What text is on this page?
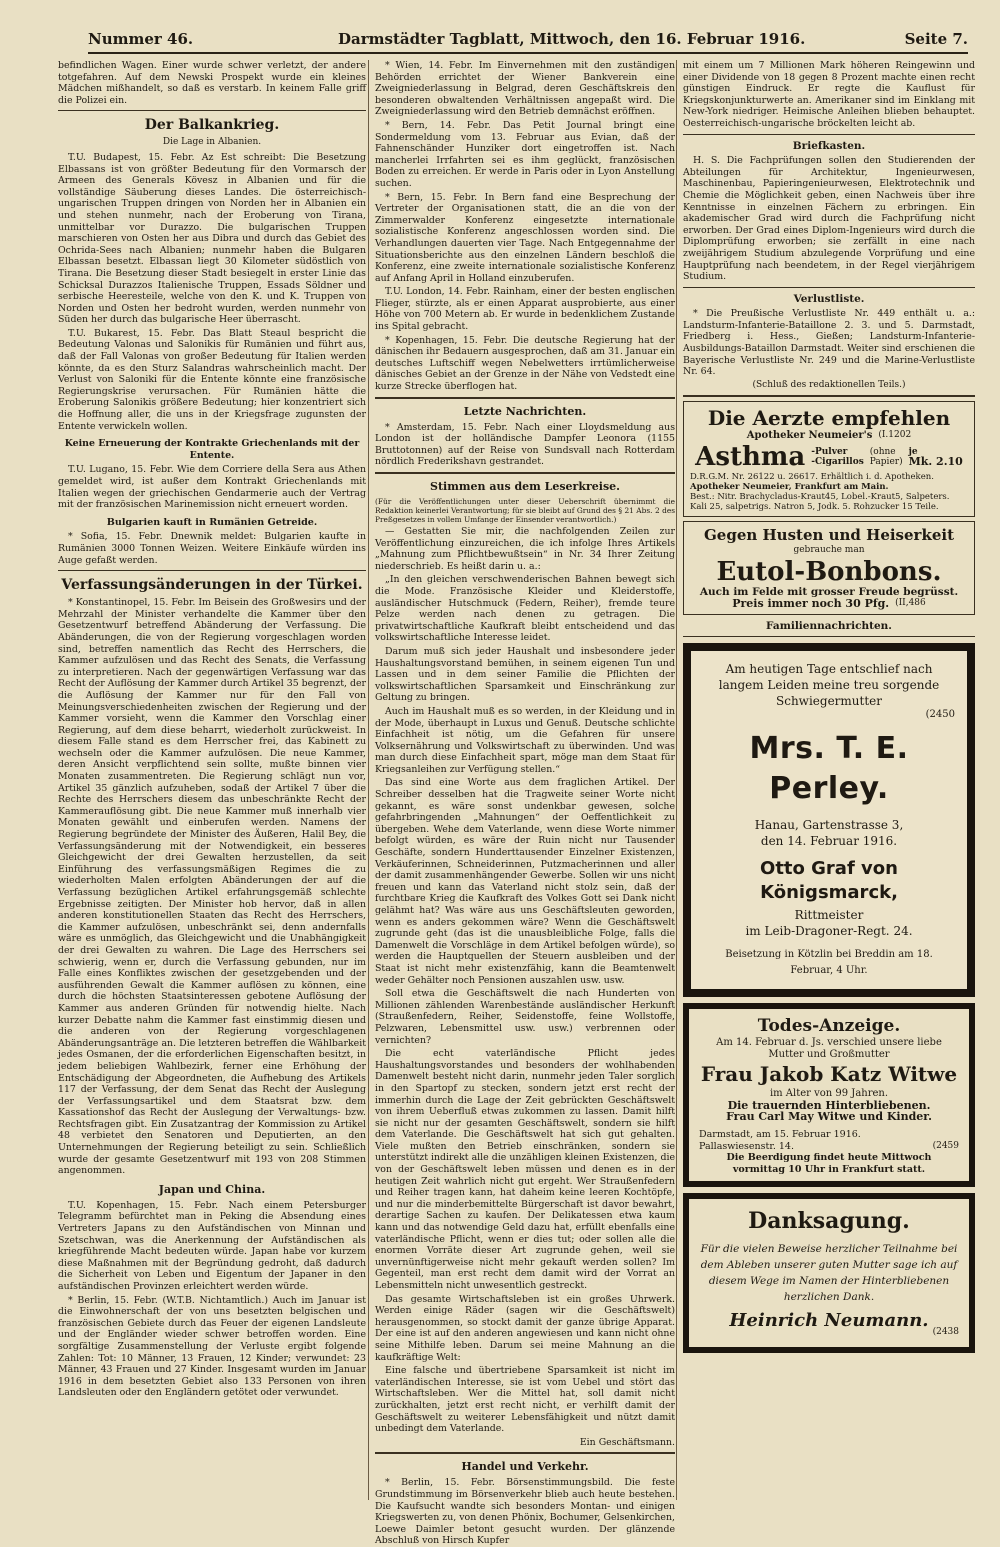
Nummer 46.	Darmstädter Tagblatt, Mittwoch, den 16. Februar 1916.	Seite 7.

befindlichen Wagen. Einer wurde schwer verletzt, der andere totgefahren. Auf dem Newski Prospekt wurde ein kleines Mädchen mißhandelt, so daß es verstarb. In keinem Falle griff die Polizei ein.

Der Balkankrieg.
Die Lage in Albanien.

T.U. Budapest, 15. Febr. Az Est schreibt: Die Besetzung Elbassans ist von größter Bedeutung für den Vormarsch der Armeen des Generals Kövesz in Albanien und für die vollständige Säuberung dieses Landes. Die österreichisch-ungarischen Truppen dringen von Norden her in Albanien ein und stehen nunmehr, nach der Eroberung von Tirana, unmittelbar vor Durazzo. Die bulgarischen Truppen marschieren von Osten her aus Dibra und durch das Gebiet des Ochrida-Sees nach Albanien; nunmehr haben die Bulgaren Elbassan besetzt. Elbassan liegt 30 Kilometer südöstlich von Tirana. Die Besetzung dieser Stadt besiegelt in erster Linie das Schicksal Durazzos Italienische Truppen, Essads Söldner und serbische Heeresteile, welche von den K. und K. Truppen von Norden und Osten her bedroht wurden, werden nunmehr von Süden her durch das bulgarische Heer überrascht.

T.U. Bukarest, 15. Febr. Das Blatt Steaul bespricht die Bedeutung Valonas und Salonikis für Rumänien und führt aus, daß der Fall Valonas von großer Bedeutung für Italien werden könnte, da es den Sturz Salandras wahrscheinlich macht. Der Verlust von Saloniki für die Entente könnte eine französische Regierungskrise verursachen. Für Rumänien hätte die Eroberung Salonikis größere Bedeutung; hier konzentriert sich die Hoffnung aller, die uns in der Kriegsfrage zugunsten der Entente verwickeln wollen.

Keine Erneuerung der Kontrakte Griechenlands mit der Entente.

T.U. Lugano, 15. Febr. Wie dem Corriere della Sera aus Athen gemeldet wird, ist außer dem Kontrakt Griechenlands mit Italien wegen der griechischen Gendarmerie auch der Vertrag mit der französischen Marinemission nicht erneuert worden.

Bulgarien kauft in Rumänien Getreide.

* Sofia, 15. Febr. Dnewnik meldet: Bulgarien kaufte in Rumänien 3000 Tonnen Weizen. Weitere Einkäufe würden ins Auge gefaßt werden.

Verfassungsänderungen in der Türkei.

* Konstantinopel, 15. Febr. Im Beisein des Großwesirs und der Mehrzahl der Minister verhandelte die Kammer über den Gesetzentwurf betreffend Abänderung der Verfassung. Die Abänderungen, die von der Regierung vorgeschlagen worden sind, betreffen namentlich das Recht des Herrschers, die Kammer aufzulösen und das Recht des Senats, die Verfassung zu interpretieren. Nach der gegenwärtigen Verfassung war das Recht der Auflösung der Kammer durch Artikel 35 begrenzt, der die Auflösung der Kammer nur für den Fall von Meinungsverschiedenheiten zwischen der Regierung und der Kammer vorsieht, wenn die Kammer den Vorschlag einer Regierung, auf dem diese beharrt, wiederholt zurückweist. In diesem Falle stand es dem Herrscher frei, das Kabinett zu wechseln oder die Kammer aufzulösen. Die neue Kammer, deren Ansicht verpflichtend sein sollte, mußte binnen vier Monaten zusammentreten. Die Regierung schlägt nun vor, Artikel 35 gänzlich aufzuheben, sodaß der Artikel 7 über die Rechte des Herrschers diesem das unbeschränkte Recht der Kammerauflösung gibt. Die neue Kammer muß innerhalb vier Monaten gewählt und einberufen werden. Namens der Regierung begründete der Minister des Äußeren, Halil Bey, die Verfassungsänderung mit der Notwendigkeit, ein besseres Gleichgewicht der drei Gewalten herzustellen, da seit Einführung des verfassungsmäßigen Regimes die zu wiederholten Malen erfolgten Abänderungen der auf die Verfassung bezüglichen Artikel erfahrungsgemäß schlechte Ergebnisse zeitigten. Der Minister hob hervor, daß in allen anderen konstitutionellen Staaten das Recht des Herrschers, die Kammer aufzulösen, unbeschränkt sei, denn andernfalls wäre es unmöglich, das Gleichgewicht und die Unabhängigkeit der drei Gewalten zu wahren. Die Lage des Herrschers sei schwierig, wenn er, durch die Verfassung gebunden, nur im Falle eines Konfliktes zwischen der gesetzgebenden und der ausführenden Gewalt die Kammer auflösen zu können, eine durch die höchsten Staatsinteressen gebotene Auflösung der Kammer aus anderen Gründen für notwendig hielte. Nach kurzer Debatte nahm die Kammer fast einstimmig diesen und die anderen von der Regierung vorgeschlagenen Abänderungsanträge an. Die letzteren betreffen die Wählbarkeit jedes Osmanen, der die erforderlichen Eigenschaften besitzt, in jedem beliebigen Wahlbezirk, ferner eine Erhöhung der Entschädigung der Abgeordneten, die Aufhebung des Artikels 117 der Verfassung, der dem Senat das Recht der Auslegung der Verfassungsartikel und dem Staatsrat bzw. dem Kassationshof das Recht der Auslegung der Verwaltungs- bzw. Rechtsfragen gibt. Ein Zusatzantrag der Kommission zu Artikel 48 verbietet den Senatoren und Deputierten, an den Unternehmungen der Regierung beteiligt zu sein. Schließlich wurde der gesamte Gesetzentwurf mit 193 von 208 Stimmen angenommen.

Japan und China.

T.U. Kopenhagen, 15. Febr. Nach einem Petersburger Telegramm befürchtet man in Peking die Absendung eines Vertreters Japans zu den Aufständischen von Minnan und Szetschwan, was die Anerkennung der Aufständischen als kriegführende Macht bedeuten würde. Japan habe vor kurzem diese Maßnahmen mit der Begründung gedroht, daß dadurch die Sicherheit von Leben und Eigentum der Japaner in den aufständischen Provinzen erleichtert werden würde.

* Berlin, 15. Febr. (W.T.B. Nichtamtlich.) Auch im Januar ist die Einwohnerschaft der von uns besetzten belgischen und französischen Gebiete durch das Feuer der eigenen Landsleute und der Engländer wieder schwer betroffen worden. Eine sorgfältige Zusammenstellung der Verluste ergibt folgende Zahlen: Tot: 10 Männer, 13 Frauen, 12 Kinder; verwundet: 23 Männer, 43 Frauen und 27 Kinder. Insgesamt wurden im Januar 1916 in dem besetzten Gebiet also 133 Personen von ihren Landsleuten oder den Engländern getötet oder verwundet.

* Wien, 14. Febr. Im Einvernehmen mit den zuständigen Behörden errichtet der Wiener Bankverein eine Zweigniederlassung in Belgrad, deren Geschäftskreis den besonderen obwaltenden Verhältnissen angepaßt wird. Die Zweigniederlassung wird den Betrieb demnächst eröffnen.

* Bern, 14. Febr. Das Petit Journal bringt eine Sondermeldung vom 13. Februar aus Evian, daß der Fahnenschänder Hunziker dort eingetroffen ist. Nach mancherlei Irrfahrten sei es ihm geglückt, französischen Boden zu erreichen. Er werde in Paris oder in Lyon Anstellung suchen.

* Bern, 15. Febr. In Bern fand eine Besprechung der Vertreter der Organisationen statt, die an die von der Zimmerwalder Konferenz eingesetzte internationale sozialistische Konferenz angeschlossen worden sind. Die Verhandlungen dauerten vier Tage. Nach Entgegennahme der Situationsberichte aus den einzelnen Ländern beschloß die Konferenz, eine zweite internationale sozialistische Konferenz auf Anfang April in Holland einzuberufen.

T.U. London, 14. Febr. Rainham, einer der besten englischen Flieger, stürzte, als er einen Apparat ausprobierte, aus einer Höhe von 700 Metern ab. Er wurde in bedenklichem Zustande ins Spital gebracht.

* Kopenhagen, 15. Febr. Die deutsche Regierung hat der dänischen ihr Bedauern ausgesprochen, daß am 31. Januar ein deutsches Luftschiff wegen Nebelwetters irrtümlicherweise dänisches Gebiet an der Grenze in der Nähe von Vedstedt eine kurze Strecke überflogen hat.

Letzte Nachrichten.

* Amsterdam, 15. Febr. Nach einer Lloydsmeldung aus London ist der holländische Dampfer Leonora (1155 Bruttotonnen) auf der Reise von Sundsvall nach Rotterdam nördlich Frederikshavn gestrandet.

Stimmen aus dem Leserkreise.

(Für die Veröffentlichungen unter dieser Ueberschrift übernimmt die Redaktion keinerlei Verantwortung; für sie bleibt auf Grund des § 21 Abs. 2 des Preßgesetzes in vollem Umfange der Einsender verantwortlich.)

— Gestatten Sie mir, die nachfolgenden Zeilen zur Veröffentlichung einzureichen, die ich infolge Ihres Artikels „Mahnung zum Pflichtbewußtsein“ in Nr. 34 Ihrer Zeitung niederschrieb. Es heißt darin u. a.:

„In den gleichen verschwenderischen Bahnen bewegt sich die Mode. Französische Kleider und Kleiderstoffe, ausländischer Hutschmuck (Federn, Reiher), fremde teure Pelze werden nach denen zu getragen. Die privatwirtschaftliche Kaufkraft bleibt entscheidend und das volkswirtschaftliche Interesse leidet.

Darum muß sich jeder Haushalt und insbesondere jeder Haushaltungsvorstand bemühen, in seinem eigenen Tun und Lassen und in dem seiner Familie die Pflichten der volkswirtschaftlichen Sparsamkeit und Einschränkung zur Geltung zu bringen.

Auch im Haushalt muß es so werden, in der Kleidung und in der Mode, überhaupt in Luxus und Genuß. Deutsche schlichte Einfachheit ist nötig, um die Gefahren für unsere Volksernährung und Volkswirtschaft zu überwinden. Und was man durch diese Einfachheit spart, möge man dem Staat für Kriegsanleihen zur Verfügung stellen.“

Das sind eine Worte aus dem fraglichen Artikel. Der Schreiber desselben hat die Tragweite seiner Worte nicht gekannt, es wäre sonst undenkbar gewesen, solche gefahrbringenden „Mahnungen“ der Oeffentlichkeit zu übergeben. Wehe dem Vaterlande, wenn diese Worte nimmer befolgt würden, es wäre der Ruin nicht nur Tausender Geschäfte, sondern Hunderttausender Einzelner Existenzen, Verkäuferinnen, Schneiderinnen, Putzmacherinnen und aller der damit zusammenhängender Gewerbe. Sollen wir uns nicht freuen und kann das Vaterland nicht stolz sein, daß der furchtbare Krieg die Kaufkraft des Volkes Gott sei Dank nicht gelähmt hat? Was wäre aus uns Geschäftsleuten geworden, wenn es anders gekommen wäre? Wenn die Geschäftswelt zugrunde geht (das ist die unausbleibliche Folge, falls die Damenwelt die Vorschläge in dem Artikel befolgen würde), so werden die Hauptquellen der Steuern ausbleiben und der Staat ist nicht mehr existenzfähig, kann die Beamtenwelt weder Gehälter noch Pensionen auszahlen usw. usw.

Soll etwa die Geschäftswelt die nach Hunderten von Millionen zählenden Warenbestände ausländischer Herkunft (Straußenfedern, Reiher, Seidenstoffe, feine Wollstoffe, Pelzwaren, Lebensmittel usw. usw.) verbrennen oder vernichten?

Die echt vaterländische Pflicht jedes Haushaltungsvorstandes und besonders der wohlhabenden Damenwelt besteht nicht darin, nunmehr jeden Taler sorglich in den Spartopf zu stecken, sondern jetzt erst recht der immerhin durch die Lage der Zeit gebrückten Geschäftswelt von ihrem Ueberfluß etwas zukommen zu lassen. Damit hilft sie nicht nur der gesamten Geschäftswelt, sondern sie hilft dem Vaterlande. Die Geschäftswelt hat sich gut gehalten. Viele mußten den Betrieb einschränken, sondern sie unterstützt indirekt alle die unzähligen kleinen Existenzen, die von der Geschäftswelt leben müssen und denen es in der heutigen Zeit wahrlich nicht gut ergeht. Wer Straußenfedern und Reiher tragen kann, hat daheim keine leeren Kochtöpfe, und nur die minderbemittelte Bürgerschaft ist davor bewahrt, derartige Sachen zu kaufen. Der Delikatessen etwa kaum kann und das notwendige Geld dazu hat, erfüllt ebenfalls eine vaterländische Pflicht, wenn er dies tut; oder sollen alle die enormen Vorräte dieser Art zugrunde gehen, weil sie unvernünftigerweise nicht mehr gekauft werden sollen? Im Gegenteil, man erst recht dem damit wird der Vorrat an Lebensmitteln nicht unwesentlich gestreckt.

Das gesamte Wirtschaftsleben ist ein großes Uhrwerk. Werden einige Räder (sagen wir die Geschäftswelt) herausgenommen, so stockt damit der ganze übrige Apparat. Der eine ist auf den anderen angewiesen und kann nicht ohne seine Mithilfe leben. Darum sei meine Mahnung an die kaufkräftige Welt:

Eine falsche und übertriebene Sparsamkeit ist nicht im vaterländischen Interesse, sie ist vom Uebel und stört das Wirtschaftsleben. Wer die Mittel hat, soll damit nicht zurückhalten, jetzt erst recht nicht, er verhilft damit der Geschäftswelt zu weiterer Lebensfähigkeit und nützt damit unbedingt dem Vaterlande.

Ein Geschäftsmann.

Handel und Verkehr.

* Berlin, 15. Febr. Börsenstimmungsbild. Die feste Grundstimmung im Börsenverkehr blieb auch heute bestehen. Die Kaufsucht wandte sich besonders Montan- und einigen Kriegswerten zu, von denen Phönix, Bochumer, Gelsenkirchen, Loewe Daimler betont gesucht wurden. Der glänzende Abschluß von Hirsch Kupfer

mit einem um 7 Millionen Mark höheren Reingewinn und einer Dividende von 18 gegen 8 Prozent machte einen recht günstigen Eindruck. Er regte die Kauflust für Kriegskonjunkturwerte an. Amerikaner sind im Einklang mit New-York niedriger. Heimische Anleihen blieben behauptet. Oesterreichisch-ungarische bröckelten leicht ab.

Briefkasten.

H. S. Die Fachprüfungen sollen den Studierenden der Abteilungen für Architektur, Ingenieurwesen, Maschinenbau, Papieringenieurwesen, Elektrotechnik und Chemie die Möglichkeit geben, einen Nachweis über ihre Kenntnisse in einzelnen Fächern zu erbringen. Ein akademischer Grad wird durch die Fachprüfung nicht erworben. Der Grad eines Diplom-Ingenieurs wird durch die Diplomprüfung erworben; sie zerfällt in eine nach zweijährigem Studium abzulegende Vorprüfung und eine Hauptprüfung nach beendetem, in der Regel vierjährigem Studium.

Verlustliste.

* Die Preußische Verlustliste Nr. 449 enthält u. a.: Landsturm-Infanterie-Bataillone 2. 3. und 5. Darmstadt, Friedberg i. Hess., Gießen; Landsturm-Infanterie-Ausbildungs-Bataillon Darmstadt. Weiter sind erschienen die Bayerische Verlustliste Nr. 249 und die Marine-Verlustliste Nr. 64.

(Schluß des redaktionellen Teils.)
Die Aerzte empfehlen
Apotheker Neumeier's (I.1202
Asthma -Pulver
-Cigarillos
(ohne
Papier)
je
Mk. 2.10
D.R.G.M. Nr. 26122 u. 26617. Erhältlich i. d. Apotheken.
Apotheker Neumeier, Frankfurt am Main.
Best.: Nitr. Brachycladus-Kraut45, Lobel.-Kraut5, Salpeters. Kali 25, salpetrigs. Natron 5, Jodk. 5. Rohzucker 15 Teile.
Gegen Husten und Heiserkeit
gebrauche man
Eutol-Bonbons.
Auch im Felde mit grosser Freude begrüsst.
Preis immer noch 30 Pfg. (II,486
Familiennachrichten.
Am heutigen Tage entschlief nach langem Leiden meine treu sorgende Schwiegermutter
(2450
Mrs. T. E. Perley.
Hanau, Gartenstrasse 3,
den 14. Februar 1916.
Otto Graf von Königsmarck,
Rittmeister
im Leib-Dragoner-Regt. 24.
Beisetzung in Kötzlin bei Breddin am 18. Februar, 4 Uhr.
Todes-Anzeige.
Am 14. Februar d. Js. verschied unsere liebe Mutter und Großmutter
Frau Jakob Katz Witwe
im Alter von 99 Jahren.
Die trauernden Hinterbliebenen.
Frau Carl May Witwe und Kinder.
Darmstadt, am 15. Februar 1916.
Pallaswiesenstr. 14.	(2459
Die Beerdigung findet heute Mittwoch vormittag 10 Uhr in Frankfurt statt.
Danksagung.
Für die vielen Beweise herzlicher Teilnahme bei dem Ableben unserer guten Mutter sage ich auf diesem Wege im Namen der Hinterbliebenen herzlichen Dank.
Heinrich Neumann.
(2438
